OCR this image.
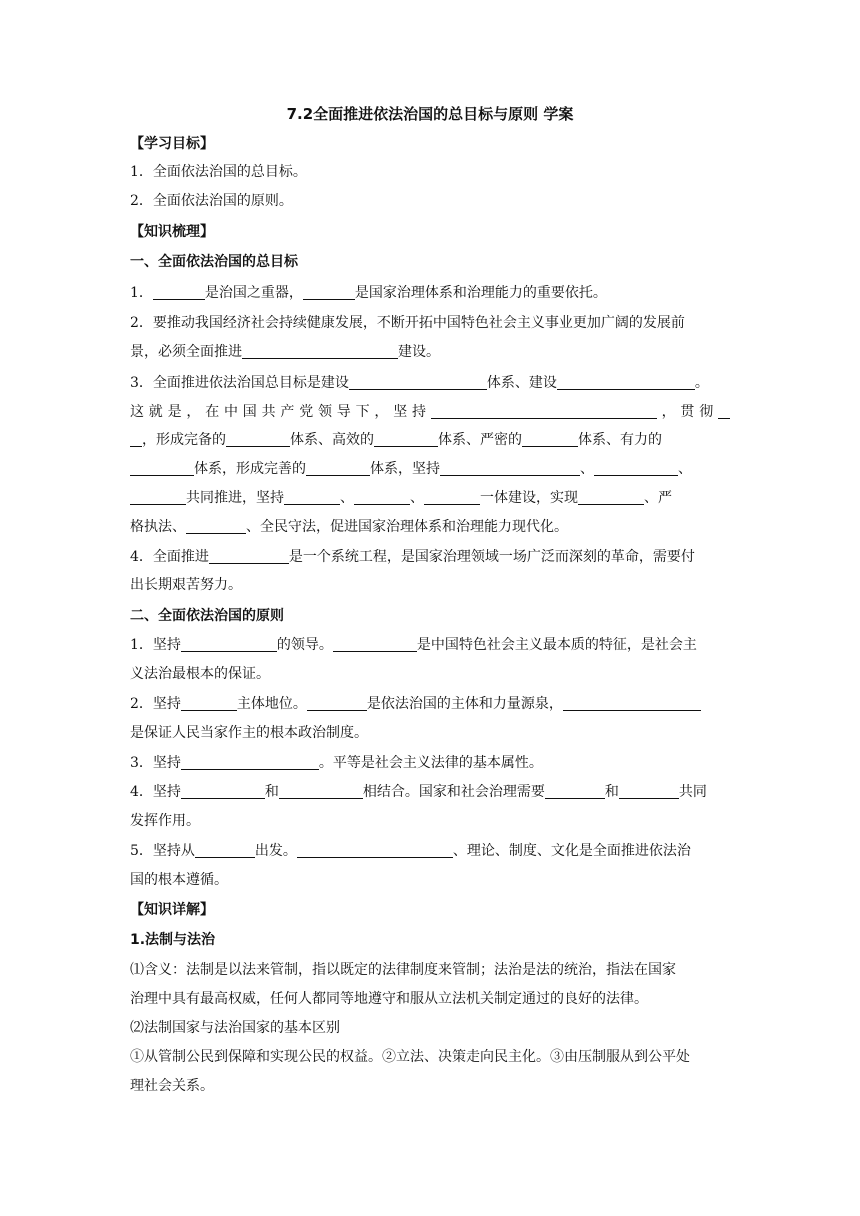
7.2全面推进依法治国的总目标与原则 学案
【学习目标】
1．全面依法治国的总目标。
2．全面依法治国的原则。
【知识梳理】
一、全面依法治国的总目标
1．	是治国之重器，	是国家治理体系和治理能力的重要依托。
2．要推动我国经济社会持续健康发展，不断开拓中国特色社会主义事业更加广阔的发展前
景，必须全面推进	建设。
3．全面推进依法治国总目标是建设	体系、建设	。
这就是，在中国共产党领导下，坚持	，贯彻
，形成完备的	体系、高效的	体系、严密的	体系、有力的
体系，形成完善的	体系，坚持	、	、
共同推进，坚持	、	、	一体建设，实现	、严
格执法、	、全民守法，促进国家治理体系和治理能力现代化。
4．全面推进	是一个系统工程，是国家治理领域一场广泛而深刻的革命，需要付
出长期艰苦努力。
二、全面依法治国的原则
1．坚持	的领导。	是中国特色社会主义最本质的特征，是社会主
义法治最根本的保证。
2．坚持	主体地位。	是依法治国的主体和力量源泉，
是保证人民当家作主的根本政治制度。
3．坚持	。平等是社会主义法律的基本属性。
4．坚持	和	相结合。国家和社会治理需要	和	共同
发挥作用。
5．坚持从	出发。	、理论、制度、文化是全面推进依法治
国的根本遵循。
【知识详解】
1.法制与法治
⑴含义：法制是以法来管制，指以既定的法律制度来管制；法治是法的统治，指法在国家
治理中具有最高权威，任何人都同等地遵守和服从立法机关制定通过的良好的法律。
⑵法制国家与法治国家的基本区别
①从管制公民到保障和实现公民的权益。②立法、决策走向民主化。③由压制服从到公平处
理社会关系。
